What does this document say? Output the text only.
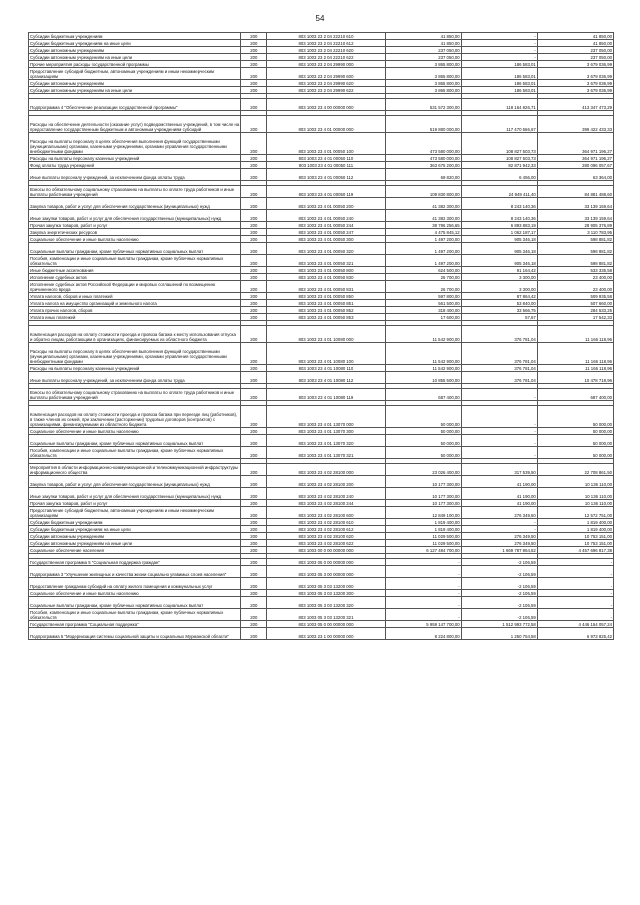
54
Субсидии бюджетным учреждениям	200	803 1003 23 2 04 22210 610	41 850,00	-	41 850,00
Субсидии бюджетным учреждениям на иные цели	200	803 1003 23 2 04 22210 612	41 850,00	-	41 850,00
Субсидии автономным учреждениям	200	803 1003 23 2 04 22210 620	237 050,00	-	237 050,00
Субсидии автономным учреждениям на иные цели	200	803 1003 23 2 04 22210 622	237 050,00	-	237 050,00
Прочие мероприятия расходы государственной программы	200	803 1003 23 2 04 29990 000	3 865 800,00	186 583,01	3 679 036,99
Предоставление субсидий бюджетным, автономным учреждениям и иным некоммерческим организациям	200	803 1003 23 2 04 29990 600	3 865 800,00	186 583,01	3 679 036,99
Субсидии автономным учреждениям	200	803 1003 23 2 04 29990 620	3 865 800,00	186 583,01	3 679 036,99
Субсидии автономным учреждениям на иные цели	200	803 1003 23 2 04 29990 622	3 865 800,00	186 583,01	3 679 036,99

Подпрограмма 4 "Обеспечение реализации государственной программы"	200	803 1003 23 4 00 00000 000	531 572 300,00	118 164 826,71	413 347 473,29

Расходы на обеспечение деятельности (оказание услуг) подведомственных учреждений, в том числе на предоставление государственным бюджетным и автономным учреждениям субсидий	200	803 1003 23 4 01 00000 000	519 880 000,00	117 470 566,67	399 422 433,33
Расходы на выплаты персоналу в целях обеспечения выполнения функций государственными (муниципальными) органами, казенными учреждениями, органами управления государственными внебюджетными фондами	200	803 1003 23 4 01 00050 100	473 580 000,00	108 827 503,73	364 971 196,27
Расходы на выплаты персоналу казенных учреждений	200	803 1003 23 4 01 00050 110	473 580 000,00	108 827 503,73	364 971 196,27
Фонд оплаты труда учреждений	200	803 1003 23 4 01 00050 111	363 675 200,00	82 871 942,33	280 096 057,67
Иные выплаты персоналу учреждений, за исключением фонда оплаты труда	200	803 1003 23 4 01 00050 112	69 820,00	6 456,00	63 364,00

Взносы по обязательному социальному страхованию на выплаты по оплате труда работников и иные выплаты работникам учреждений	200	803 1003 23 4 01 00050 119	109 830 800,00	24 949 411,40	84 881 488,60
Закупка товаров, работ и услуг для обеспечения государственных (муниципальных) нужд	200	803 1003 23 4 01 00050 200	41 382 300,00	8 243 140,36	33 139 159,64
Иные закупки товаров, работ и услуг для обеспечения государственных (муниципальных) нужд	200	803 1003 23 4 01 00050 240	41 382 300,00	8 243 140,36	33 139 159,64
Прочая закупка товаров, работ и услуг	200	803 1003 23 4 01 00050 244	38 786 256,65	6 893 883,19	28 905 376,89
Закупка энергетических ресурсов	200	803 1003 23 4 01 00050 247	4 475 845,12	1 062 187,17	3 110 783,95
Социальное обеспечение и иные выплаты населению	200	803 1003 23 4 01 00050 300	1 497 200,00	905 346,18	598 881,82
Социальные выплаты гражданам, кроме публичных нормативных социальных выплат	200	803 1003 23 4 01 00050 320	1 497 200,00	905 346,18	598 881,82
Пособия, компенсации и иные социальные выплаты гражданам, кроме публичных нормативных обязательств	200	803 1003 23 4 01 00050 321	1 497 200,00	905 346,18	598 881,82
Иные бюджетные ассигнования	200	803 1003 23 4 01 00050 800	624 500,00	91 164,42	533 335,58
Исполнение судебных актов	200	803 1003 23 4 01 00050 830	26 700,00	3 300,00	23 400,00
Исполнение судебных актов Российской Федерации и мировых соглашений по возмещению причиненного вреда	200	803 1003 23 4 01 00050 831	26 700,00	3 300,00	23 400,00
Уплата налогов, сборов и иных платежей	200	803 1003 23 4 01 00050 850	597 800,00	87 864,42	509 935,58
Уплата налога на имущество организаций и земельного налога	200	803 1003 23 4 01 00050 851	561 500,00	53 840,00	507 660,00
Уплата прочих налогов, сборов	200	803 1003 23 4 01 00050 852	318 400,00	33 566,75	284 533,25
Уплата иных платежей	200	803 1003 23 4 01 00050 853	17 600,00	57,67	17 542,33

Компенсация расходов на оплату стоимости проезда и провоза багажа к месту использования отпуска и обратно лицам, работающим в организациях, финансируемых из областного бюджета	200	803 1003 23 4 01 10080 000	11 542 900,00	376 781,04	11 166 118,96
Расходы на выплаты персоналу в целях обеспечения выполнения функций государственными (муниципальными) органами, казенными учреждениями, органами управления государственными внебюджетными фондами	200	803 1003 23 4 01 10080 100	11 542 900,00	376 781,04	11 166 118,96
Расходы на выплаты персоналу казенных учреждений	200	803 1003 23 4 01 10080 110	11 542 900,00	376 781,04	11 166 118,96
Иные выплаты персоналу учреждений, за исключением фонда оплаты труда	200	803 1003 23 4 01 10080 112	10 855 500,00	376 781,04	10 478 718,96

Взносы по обязательному социальному страхованию на выплаты по оплате труда работников и иные выплаты работникам учреждений	200	803 1003 23 4 01 10080 119	687 400,00	-	687 400,00

Компенсация расходов на оплату стоимости проезда и провоза багажа при переезде лиц (работников), в также членов их семей, при заключении (расторжении) трудовых договоров (контрактов) с организациями, финансируемыми из областного бюджета	200	803 1003 23 4 01 13070 000	50 000,00	-	50 000,00
Социальное обеспечение и иные выплаты населению	200	803 1003 23 4 01 13070 300	50 000,00	-	50 000,00
Социальные выплаты гражданам, кроме публичных нормативных социальных выплат	200	803 1003 23 4 01 13070 320	50 000,00	-	50 000,00
Пособия, компенсации и иные социальные выплаты гражданам, кроме публичных нормативных обязательств	200	803 1003 23 4 01 13070 321	50 000,00	-	50 000,00

Мероприятия в области информационно-коммуникационной и телекоммуникационной инфраструктуры информационного общества	200	803 1003 23 4 02 28100 000	23 026 400,00	317 539,50	22 708 861,50
Закупка товаров, работ и услуг для обеспечения государственных (муниципальных) нужд	200	803 1003 23 4 02 28100 200	10 177 300,00	41 190,00	10 136 110,00
Иные закупки товаров, работ и услуг для обеспечения государственных (муниципальных) нужд	200	803 1003 23 4 02 28100 240	10 177 300,00	41 190,00	10 136 110,00
Прочая закупка товаров, работ и услуг	200	803 1003 23 4 02 28100 244	10 177 300,00	41 190,00	10 136 110,00
Предоставление субсидий бюджетным, автономным учреждениям и иным некоммерческим организациям	200	803 1003 23 4 02 28100 600	12 849 100,00	276 349,50	12 572 751,00
Субсидии бюджетным учреждениям	200	803 1003 23 4 02 28100 610	1 819 400,00	-	1 819 400,00
Субсидии бюджетным учреждениям на иные цели	200	803 1003 23 4 02 28100 612	1 819 400,00	-	1 819 400,00
Субсидии автономным учреждениям	200	803 1003 23 4 02 28100 620	11 029 500,00	276 349,50	10 753 151,00
Субсидии автономным учреждениям на иные цели	200	803 1003 23 4 02 28100 622	11 029 500,00	276 349,50	10 753 151,00
Социальное обеспечение населения	200	803 1003 00 0 00 00000 000	6 127 484 700,00	1 669 787 864,52	4 457 696 817,38

Государственная программа 5 "Социальная поддержка граждан"	200	803 1003 05 0 00 00000 000	-	-2 106,59	-
Подпрограмма 3 "Улучшение жилищных и качества жизни социально уязвимых слоев населения"	200	803 1003 05 3 00 00000 000	-	-2 106,59	-
Предоставление гражданам субсидий на оплату жилого помещения и коммунальных услуг	200	803 1003 05 3 03 13200 000	-	-2 106,59	-
Социальное обеспечение и иные выплаты населению	200	803 1003 05 3 03 13200 300	-	-2 106,59	-
Социальные выплаты гражданам, кроме публичных нормативных социальных выплат	200	803 1003 05 3 03 13200 320	-	-2 106,59	-
Пособия, компенсации и иные социальные выплаты гражданам, кроме публичных нормативных обязательств	200	803 1003 05 3 03 13200 321	-	-2 106,59	-
Государственная программа "Социальная поддержка"	200	803 1003 05 0 00 00000 000	5 959 147 700,00	1 512 993 772,58	4 446 154 057,24
Подпрограмма 5 "Модернизация системы социальной защиты и социальных Мурманской области"	200	803 1003 23 1 00 00000 000	8 224 800,00	1 250 754,58	6 973 825,42
